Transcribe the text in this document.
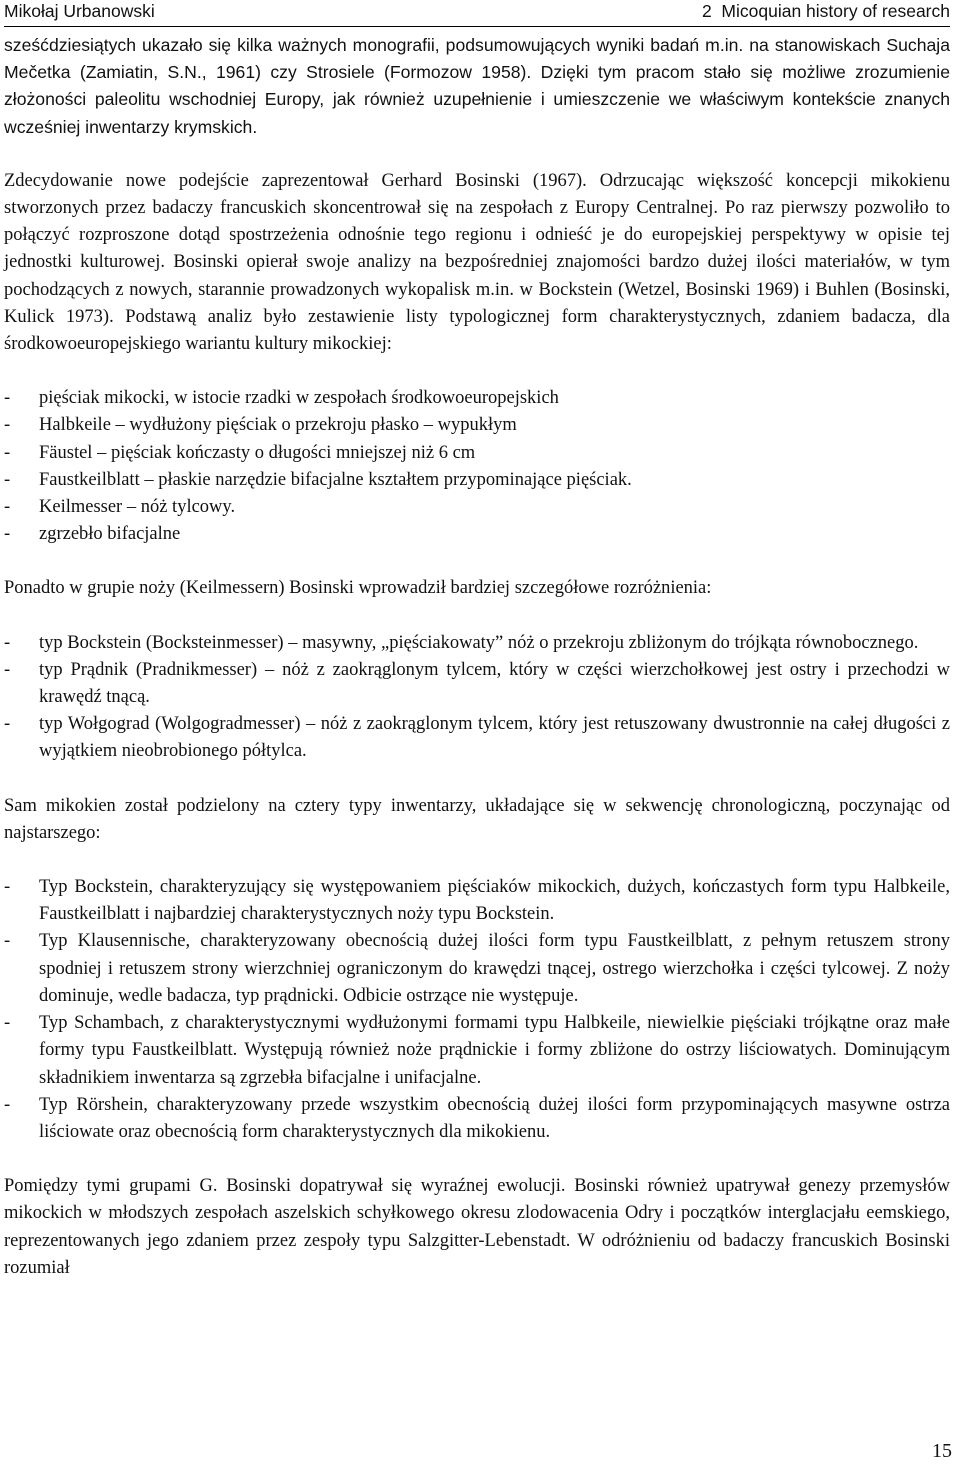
Mikołaj Urbanowski	2  Micoquian history of research

sześćdziesiątych ukazało się kilka ważnych monografii, podsumowujących wyniki badań m.in. na stanowiskach Suchaja Mečetka (Zamiatin, S.N., 1961) czy Strosiele (Formozow 1958). Dzięki tym pracom stało się możliwe zrozumienie złożoności paleolitu wschodniej Europy, jak również uzupełnienie i umieszczenie we właściwym kontekście znanych wcześniej inwentarzy krymskich.

Zdecydowanie nowe podejście zaprezentował Gerhard Bosinski (1967). Odrzucając większość koncepcji mikokienu stworzonych przez badaczy francuskich skoncentrował się na zespołach z Europy Centralnej. Po raz pierwszy pozwoliło to połączyć rozproszone dotąd spostrzeżenia odnośnie tego regionu i odnieść je do europejskiej perspektywy w opisie tej jednostki kulturowej. Bosinski opierał swoje analizy na bezpośredniej znajomości bardzo dużej ilości materiałów, w tym pochodzących z nowych, starannie prowadzonych wykopalisk m.in. w Bockstein (Wetzel, Bosinski 1969) i Buhlen (Bosinski, Kulick 1973). Podstawą analiz było zestawienie listy typologicznej form charakterystycznych, zdaniem badacza, dla środkowoeuropejskiego wariantu kultury mikockiej:

- pięściak mikocki, w istocie rzadki w zespołach środkowoeuropejskich
- Halbkeile – wydłużony pięściak o przekroju płasko – wypukłym
- Fäustel – pięściak kończasty o długości mniejszej niż 6 cm
- Faustkeilblatt – płaskie narzędzie bifacjalne kształtem przypominające pięściak.
- Keilmesser – nóż tylcowy.
- zgrzebło bifacjalne

Ponadto w grupie noży (Keilmessern) Bosinski wprowadził bardziej szczegółowe rozróżnienia:

- typ Bockstein (Bocksteinmesser) – masywny, „pięściakowaty” nóż o przekroju zbliżonym do trójkąta równobocznego.
- typ Prądnik (Pradnikmesser) – nóż z zaokrąglonym tylcem, który w części wierzchołkowej jest ostry i przechodzi w krawędź tnącą.
- typ Wołgograd (Wolgogradmesser) – nóż z zaokrąglonym tylcem, który jest retuszowany dwustronnie na całej długości z wyjątkiem nieobrobionego półtylca.

Sam mikokien został podzielony na cztery typy inwentarzy, układające się w sekwencję chronologiczną, poczynając od najstarszego:

- Typ Bockstein, charakteryzujący się występowaniem pięściaków mikockich, dużych, kończastych form typu Halbkeile, Faustkeilblatt i najbardziej charakterystycznych noży typu Bockstein.
- Typ Klausennische, charakteryzowany obecnością dużej ilości form typu Faustkeilblatt, z pełnym retuszem strony spodniej i retuszem strony wierzchniej ograniczonym do krawędzi tnącej, ostrego wierzchołka i części tylcowej. Z noży dominuje, wedle badacza, typ prądnicki. Odbicie ostrzące nie występuje.
- Typ Schambach, z charakterystycznymi wydłużonymi formami typu Halbkeile, niewielkie pięściaki trójkątne oraz małe formy typu Faustkeilblatt. Występują również noże prądnickie i formy zbliżone do ostrzy liściowatych. Dominującym składnikiem inwentarza są zgrzebła bifacjalne i unifacjalne.
- Typ Rörshein, charakteryzowany przede wszystkim obecnością dużej ilości form przypominających masywne ostrza liściowate oraz obecnością form charakterystycznych dla mikokienu.

Pomiędzy tymi grupami G. Bosinski dopatrywał się wyraźnej ewolucji. Bosinski również upatrywał genezy przemysłów mikockich w młodszych zespołach aszelskich schyłkowego okresu zlodowacenia Odry i początków interglacjału eemskiego, reprezentowanych jego zdaniem przez zespoły typu Salzgitter-Lebenstadt. W odróżnieniu od badaczy francuskich Bosinski rozumiał

15
